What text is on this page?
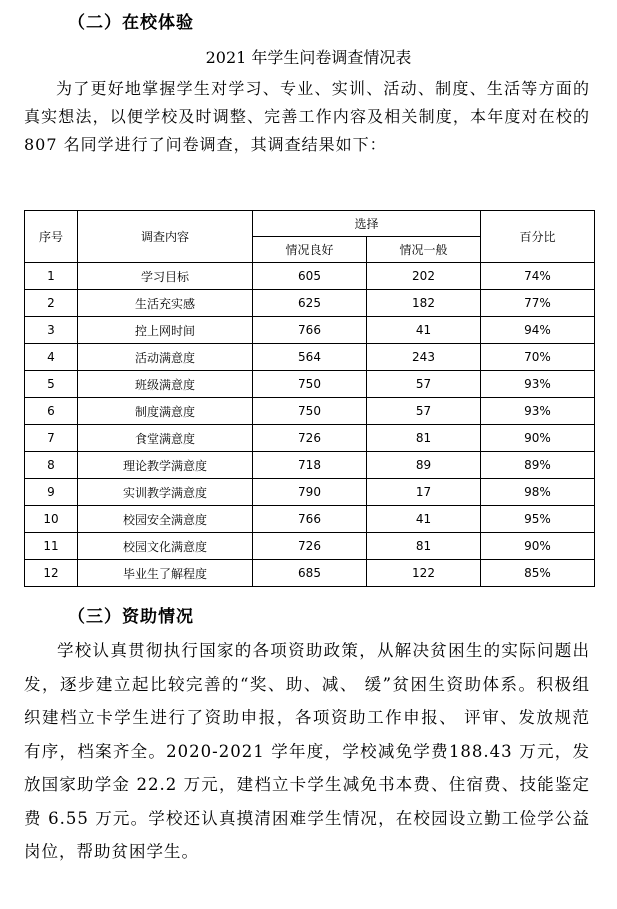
（二）在校体验
2021 年学生问卷调查情况表
为了更好地掌握学生对学习、专业、实训、活动、制度、生活等方面的真实想法，以便学校及时调整、完善工作内容及相关制度，本年度对在校的 807 名同学进行了问卷调查，其调查结果如下：
序号	调查内容	选择		百分比
		情况良好	情况一般	
1	学习目标	605	202	74%
2	生活充实感	625	182	77%
3	控上网时间	766	41	94%
4	活动满意度	564	243	70%
5	班级满意度	750	57	93%
6	制度满意度	750	57	93%
7	食堂满意度	726	81	90%
8	理论教学满意度	718	89	89%
9	实训教学满意度	790	17	98%
10	校园安全满意度	766	41	95%
11	校园文化满意度	726	81	90%
12	毕业生了解程度	685	122	85%
（三）资助情况
学校认真贯彻执行国家的各项资助政策，从解决贫困生的实际问题出发，逐步建立起比较完善的“奖、助、减、 缓”贫困生资助体系。积极组织建档立卡学生进行了资助申报，各项资助工作申报、 评审、发放规范有序，档案齐全。2020-2021 学年度，学校减免学费188.43 万元，发放国家助学金 22.2 万元，建档立卡学生减免书本费、住宿费、技能鉴定费 6.55 万元。学校还认真摸清困难学生情况，在校园设立勤工俭学公益岗位，帮助贫困学生。
